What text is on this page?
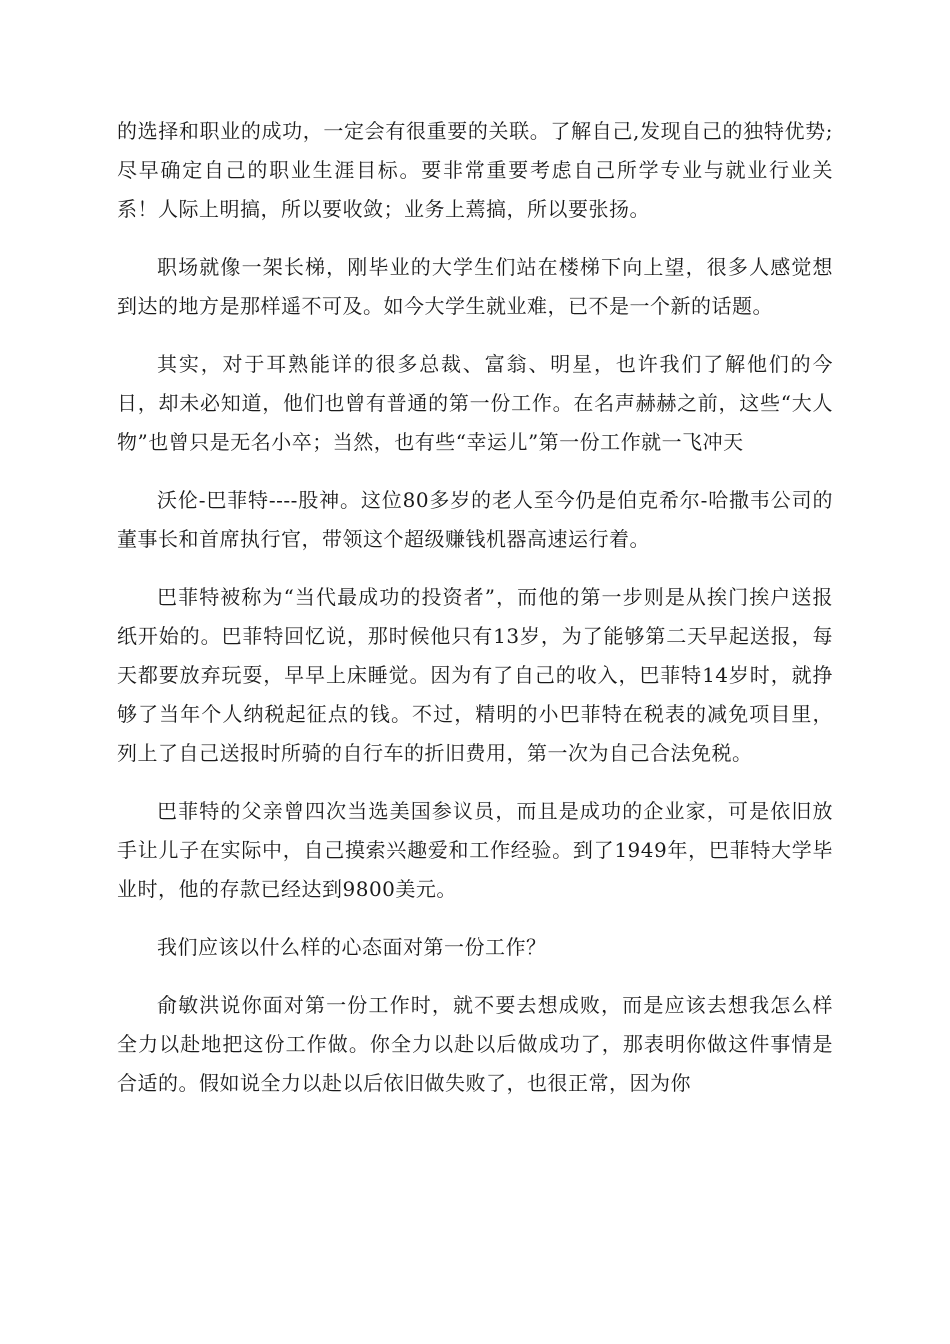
的选择和职业的成功，一定会有很重要的关联。了解自己,发现自己的独特优势;尽早确定自己的职业生涯目标。要非常重要考虑自己所学专业与就业行业关系！人际上明搞，所以要收敛；业务上蔫搞，所以要张扬。

职场就像一架长梯，刚毕业的大学生们站在楼梯下向上望，很多人感觉想到达的地方是那样遥不可及。如今大学生就业难，已不是一个新的话题。

其实，对于耳熟能详的很多总裁、富翁、明星，也许我们了解他们的今日，却未必知道，他们也曾有普通的第一份工作。在名声赫赫之前，这些“大人物”也曾只是无名小卒；当然，也有些“幸运儿”第一份工作就一飞冲天

沃伦-巴菲特----股神。这位80多岁的老人至今仍是伯克希尔-哈撒韦公司的董事长和首席执行官，带领这个超级赚钱机器高速运行着。

巴菲特被称为“当代最成功的投资者”，而他的第一步则是从挨门挨户送报纸开始的。巴菲特回忆说，那时候他只有13岁，为了能够第二天早起送报，每天都要放弃玩耍，早早上床睡觉。因为有了自己的收入，巴菲特14岁时，就挣够了当年个人纳税起征点的钱。不过，精明的小巴菲特在税表的减免项目里，列上了自己送报时所骑的自行车的折旧费用，第一次为自己合法免税。

巴菲特的父亲曾四次当选美国参议员，而且是成功的企业家，可是依旧放手让儿子在实际中，自己摸索兴趣爱和工作经验。到了1949年，巴菲特大学毕业时，他的存款已经达到9800美元。

我们应该以什么样的心态面对第一份工作？

俞敏洪说你面对第一份工作时，就不要去想成败，而是应该去想我怎么样全力以赴地把这份工作做。你全力以赴以后做成功了，那表明你做这件事情是合适的。假如说全力以赴以后依旧做失败了，也很正常，因为你
